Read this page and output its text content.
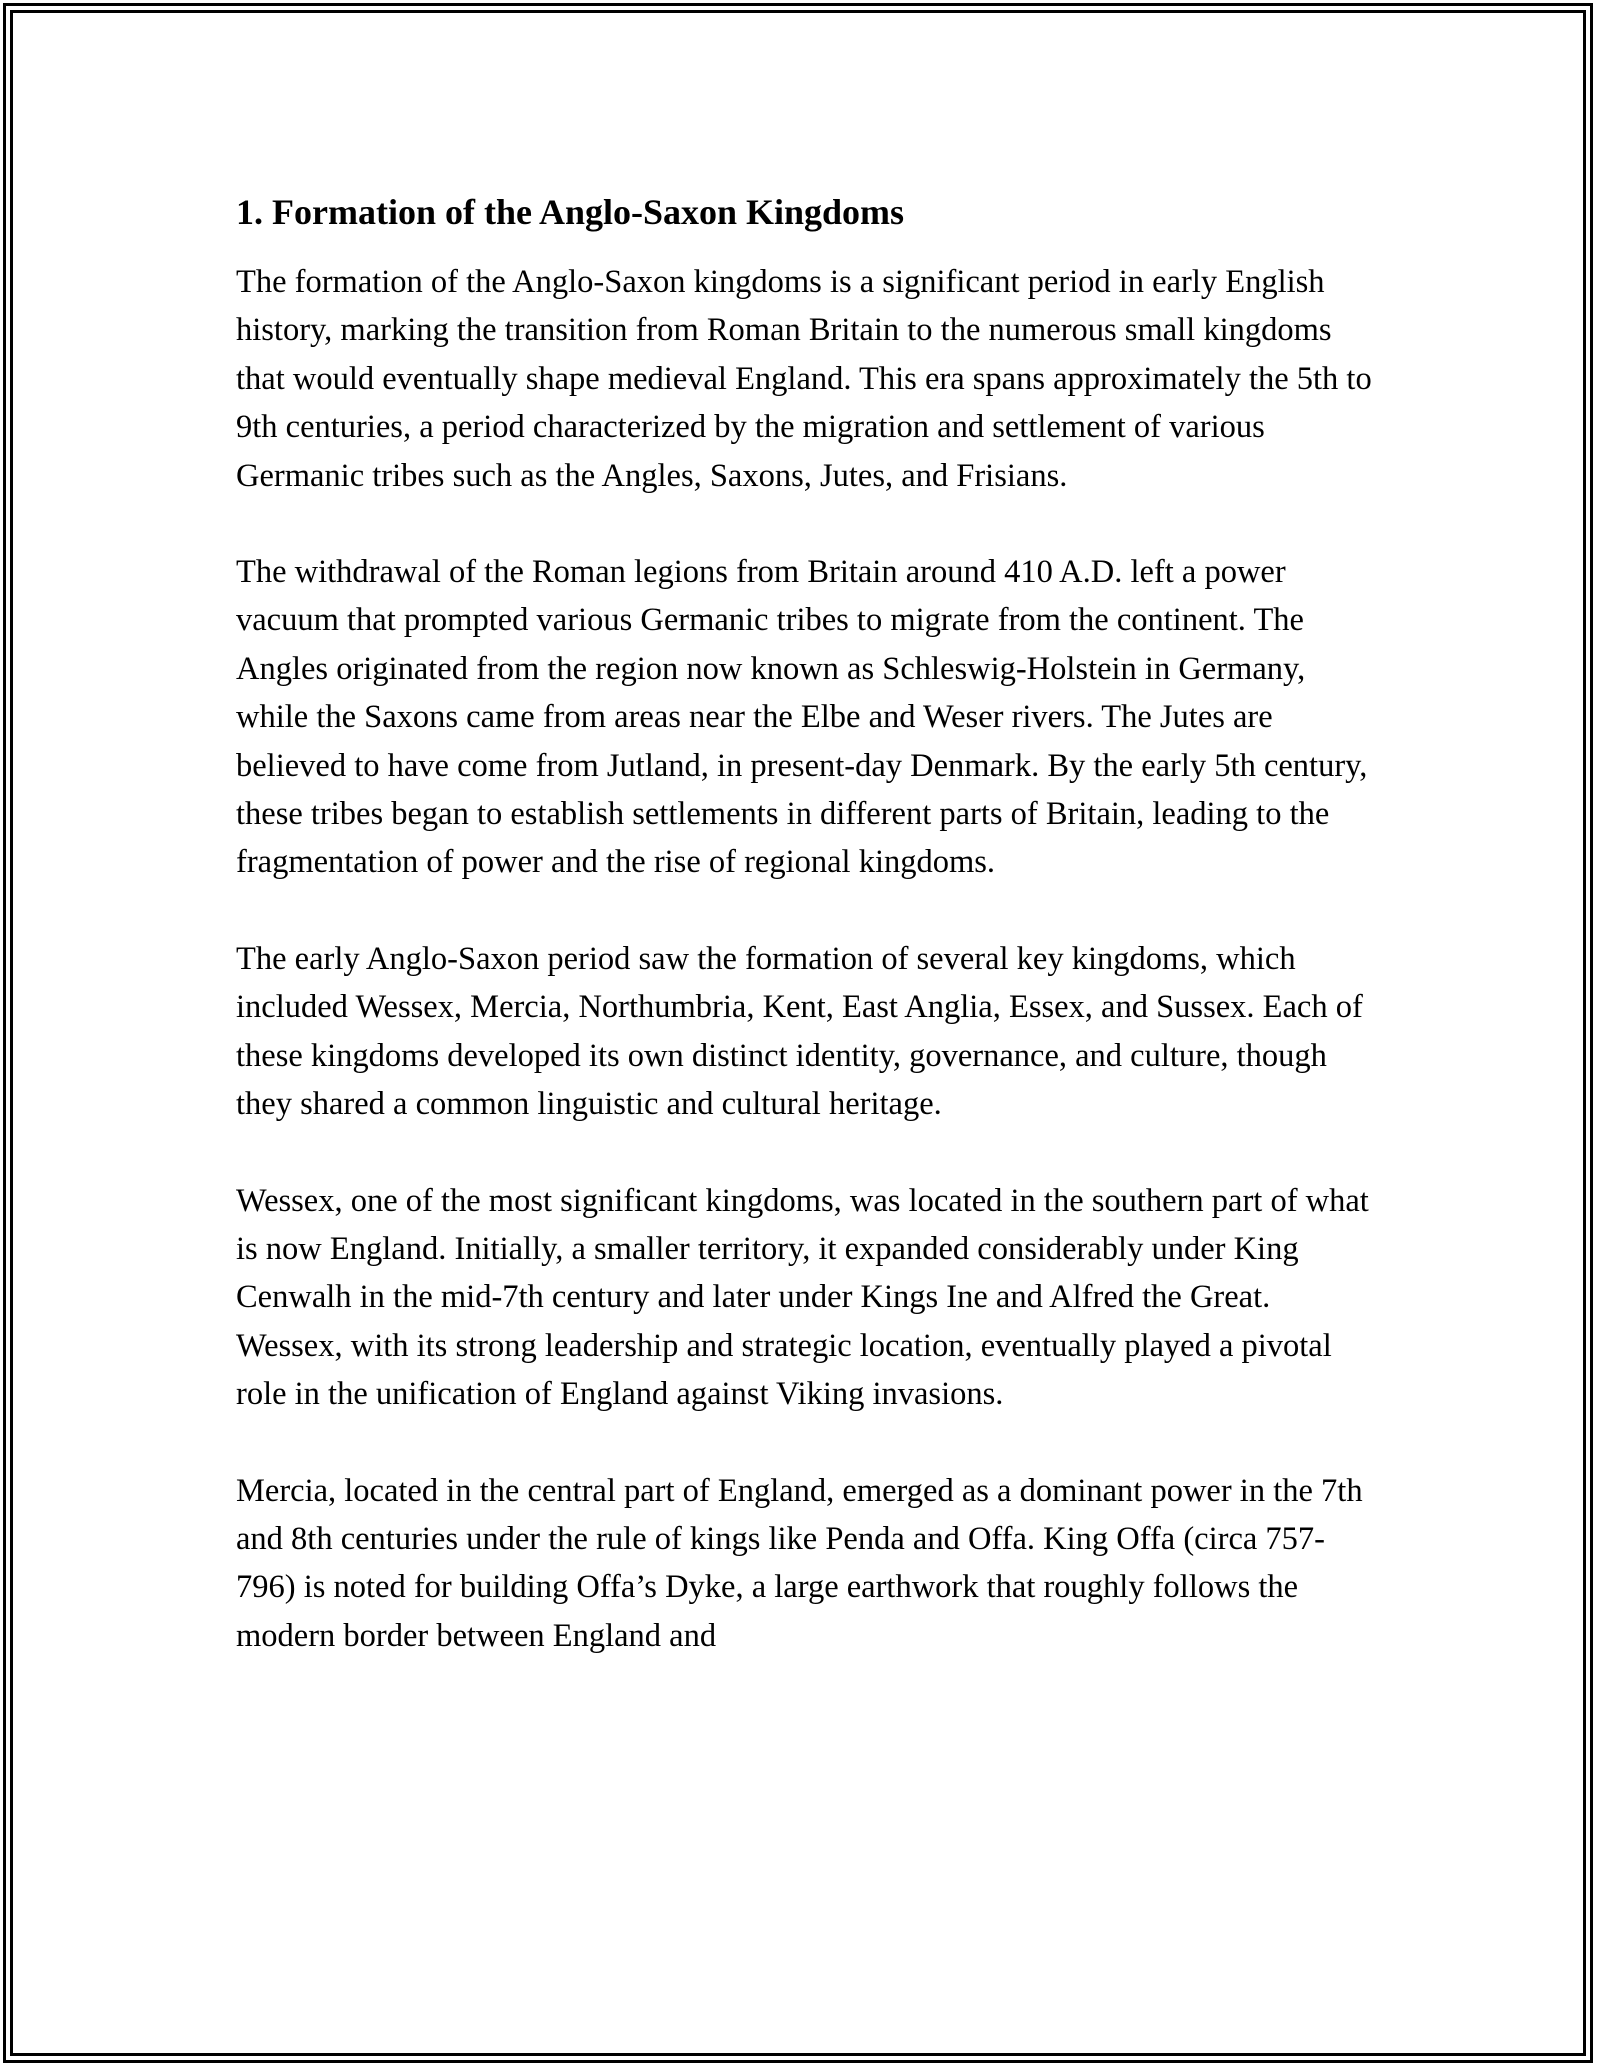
1. Formation of the Anglo-Saxon Kingdoms

The formation of the Anglo-Saxon kingdoms is a significant period in early English history, marking the transition from Roman Britain to the numerous small kingdoms that would eventually shape medieval England. This era spans approximately the 5th to 9th centuries, a period characterized by the migration and settlement of various Germanic tribes such as the Angles, Saxons, Jutes, and Frisians.

The withdrawal of the Roman legions from Britain around 410 A.D. left a power vacuum that prompted various Germanic tribes to migrate from the continent. The Angles originated from the region now known as Schleswig-Holstein in Germany, while the Saxons came from areas near the Elbe and Weser rivers. The Jutes are believed to have come from Jutland, in present-day Denmark. By the early 5th century, these tribes began to establish settlements in different parts of Britain, leading to the fragmentation of power and the rise of regional kingdoms.

The early Anglo-Saxon period saw the formation of several key kingdoms, which included Wessex, Mercia, Northumbria, Kent, East Anglia, Essex, and Sussex. Each of these kingdoms developed its own distinct identity, governance, and culture, though they shared a common linguistic and cultural heritage.

Wessex, one of the most significant kingdoms, was located in the southern part of what is now England. Initially, a smaller territory, it expanded considerably under King Cenwalh in the mid-7th century and later under Kings Ine and Alfred the Great. Wessex, with its strong leadership and strategic location, eventually played a pivotal role in the unification of England against Viking invasions.

Mercia, located in the central part of England, emerged as a dominant power in the 7th and 8th centuries under the rule of kings like Penda and Offa. King Offa (circa 757-796) is noted for building Offa’s Dyke, a large earthwork that roughly follows the modern border between England and
